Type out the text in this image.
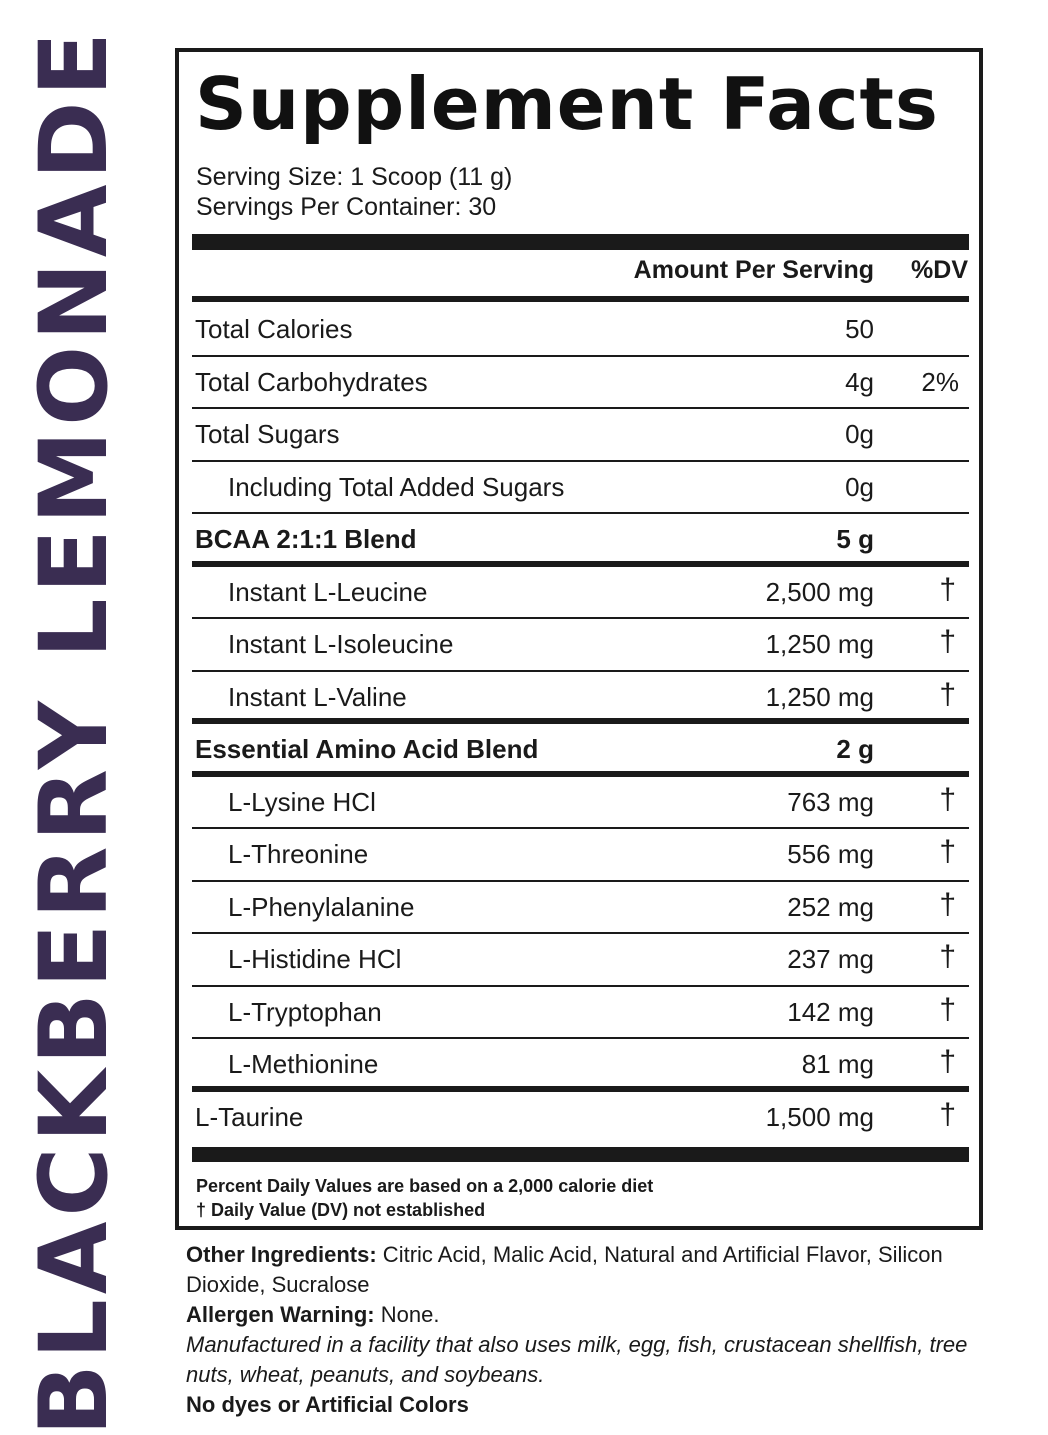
BLACKBERRY LEMONADE Supplement Facts
Serving Size: 1 Scoop (11 g)
Servings Per Container: 30
Amount Per Serving %DV
Total Calories	50
Total Carbohydrates	4g 2%
Total Sugars	0g
Including Total Added Sugars	0g
BCAA 2:1:1 Blend	5 g
Instant L-Leucine	2,500 mg †
Instant L-Isoleucine	1,250 mg †
Instant L-Valine	1,250 mg †
Essential Amino Acid Blend	2 g
L-Lysine HCl	763 mg †
L-Threonine	556 mg †
L-Phenylalanine	252 mg †
L-Histidine HCl	237 mg †
L-Tryptophan	142 mg †
L-Methionine	81 mg †
L-Taurine	1,500 mg †
Percent Daily Values are based on a 2,000 calorie diet
† Daily Value (DV) not established

Other Ingredients: Citric Acid, Malic Acid, Natural and Artificial Flavor, Silicon Dioxide, Sucralose

Allergen Warning: None.

Manufactured in a facility that also uses milk, egg, fish, crustacean shellfish, tree nuts, wheat, peanuts, and soybeans.

No dyes or Artificial Colors
